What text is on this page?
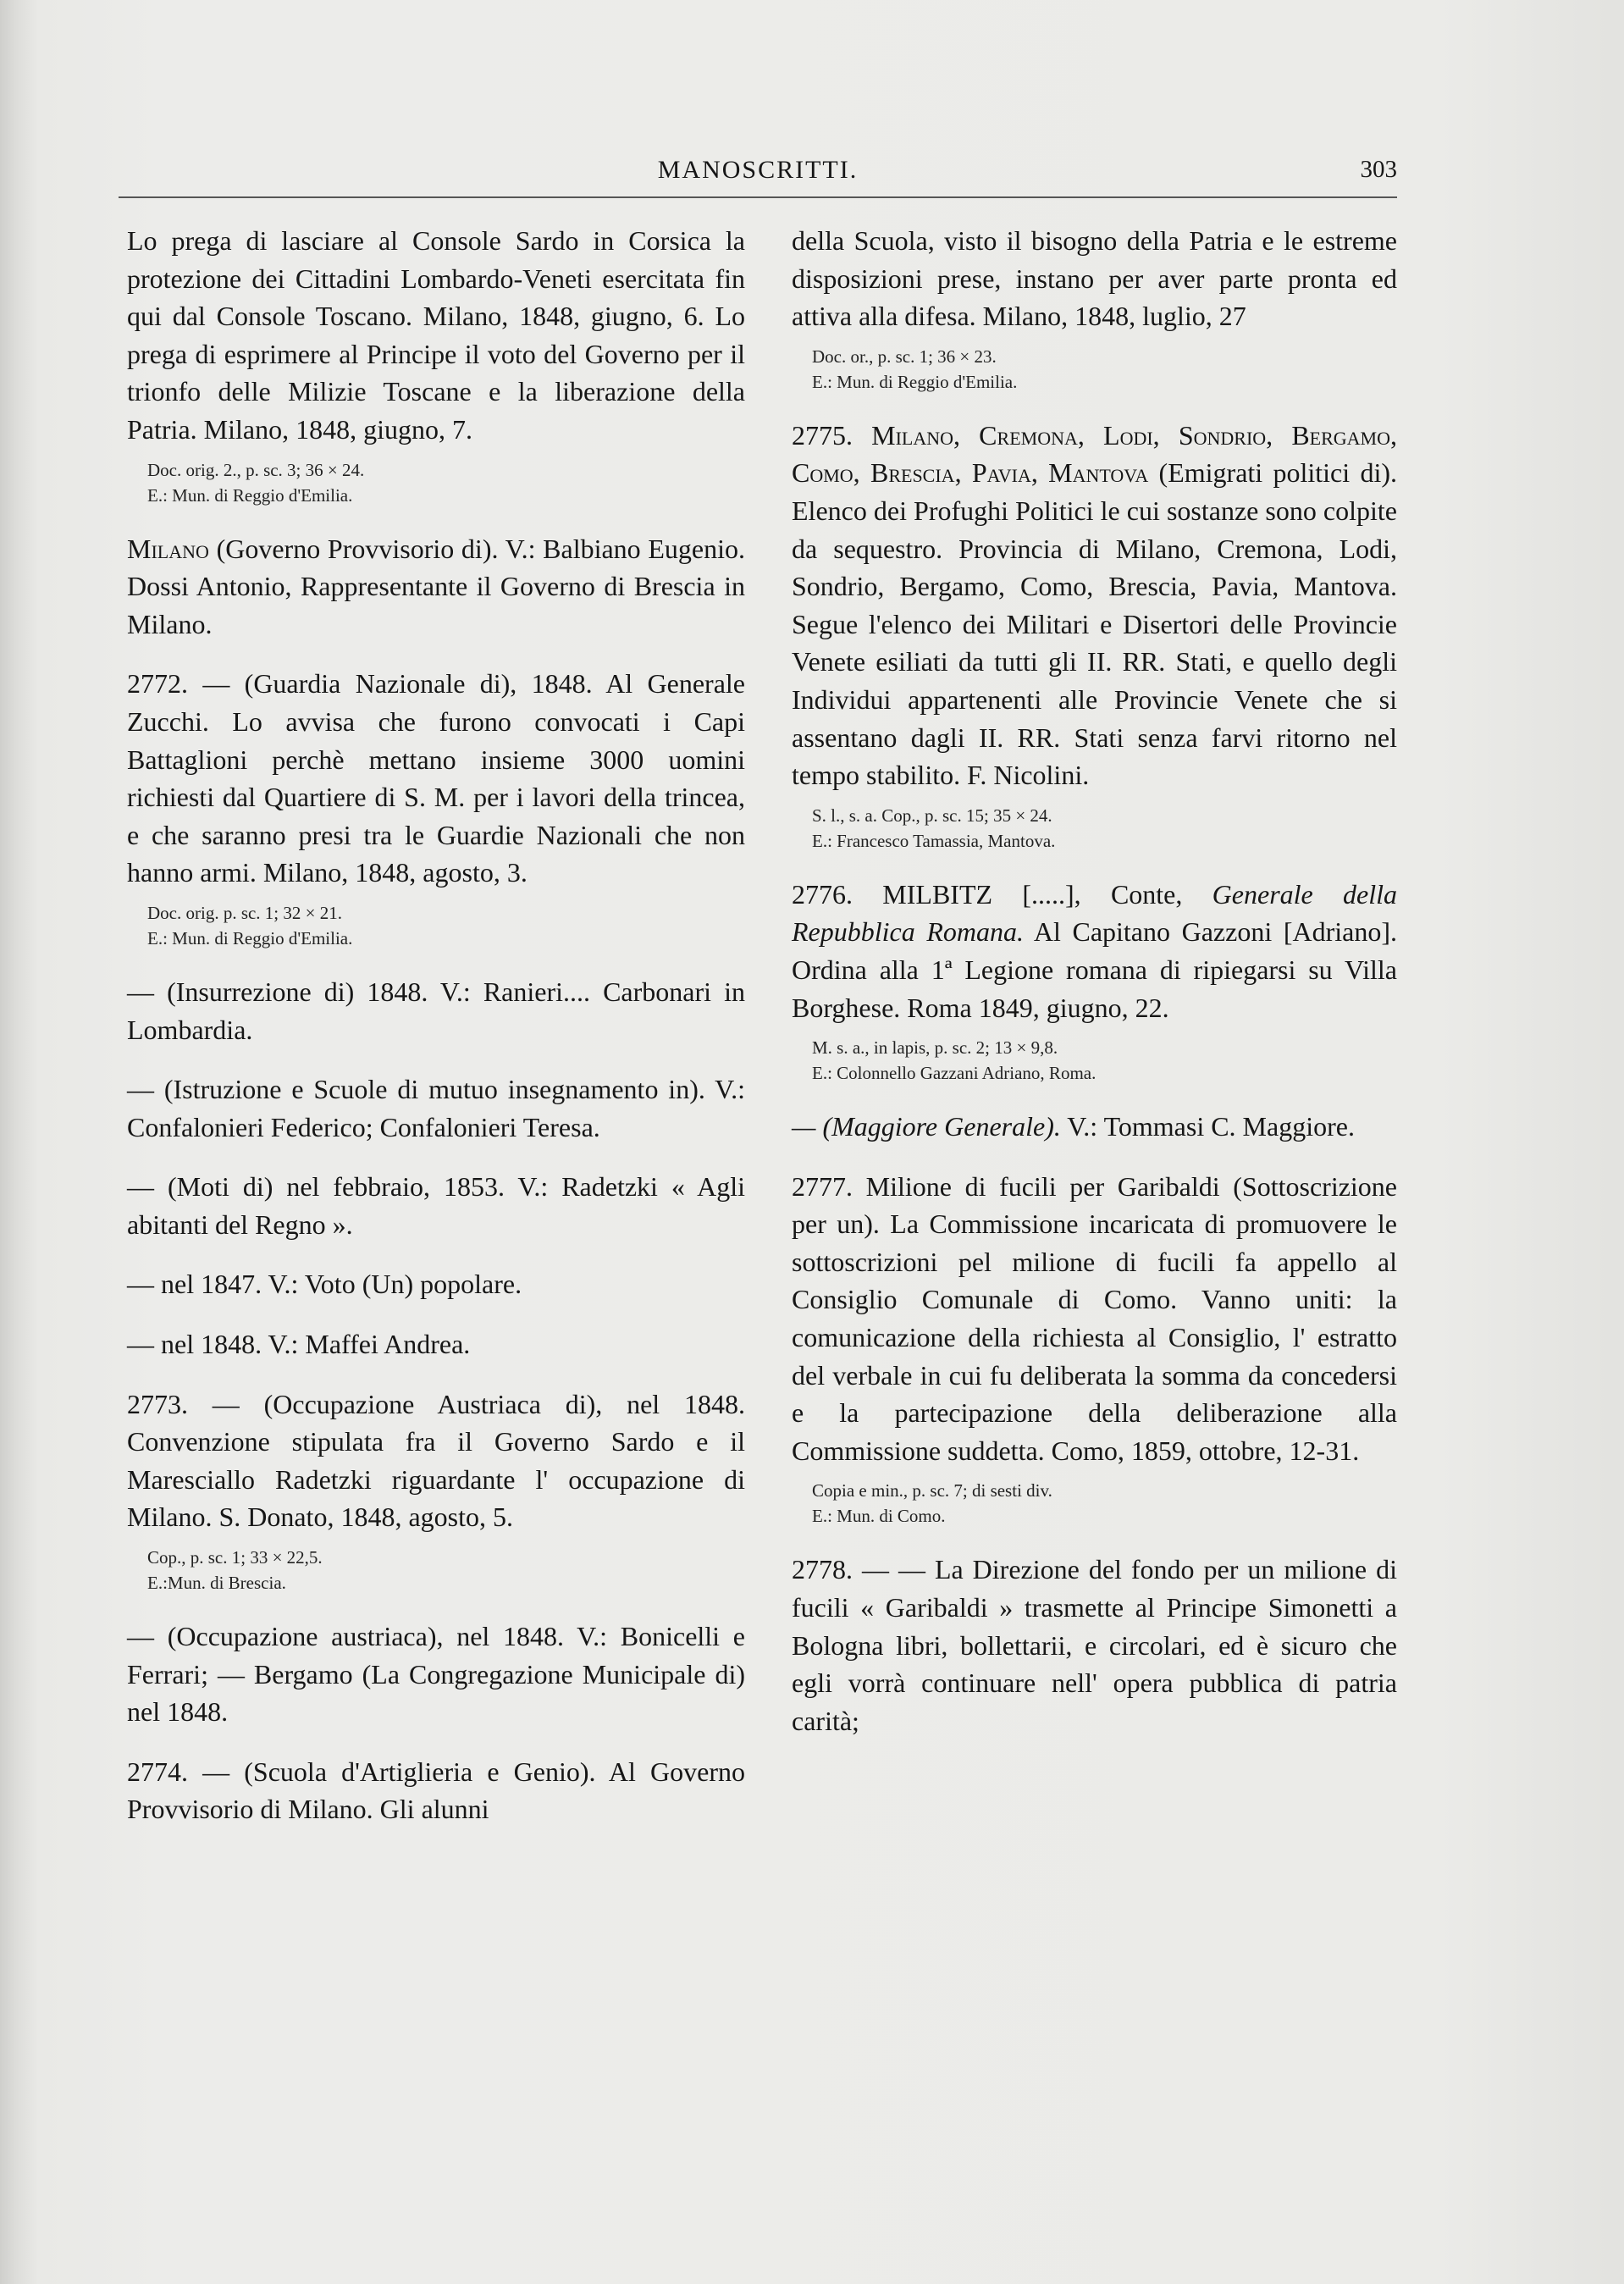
MANOSCRITTI.	303

Lo prega di lasciare al Console Sardo in Corsica la protezione dei Cittadini Lombardo-Veneti esercitata fin qui dal Console Toscano. Milano, 1848, giugno, 6. Lo prega di esprimere al Principe il voto del Governo per il trionfo delle Milizie Toscane e la liberazione della Patria. Milano, 1848, giugno, 7.

Doc. orig. 2., p. sc. 3; 36 × 24.
E.: Mun. di Reggio d'Emilia.

Milano (Governo Provvisorio di). V.: Balbiano Eugenio. Dossi Antonio, Rappresentante il Governo di Brescia in Milano.

2772. — (Guardia Nazionale di), 1848. Al Generale Zucchi. Lo avvisa che furono convocati i Capi Battaglioni perchè mettano insieme 3000 uomini richiesti dal Quartiere di S. M. per i lavori della trincea, e che saranno presi tra le Guardie Nazionali che non hanno armi. Milano, 1848, agosto, 3.

Doc. orig. p. sc. 1; 32 × 21.
E.: Mun. di Reggio d'Emilia.

— (Insurrezione di) 1848. V.: Ranieri.... Carbonari in Lombardia.

— (Istruzione e Scuole di mutuo insegnamento in). V.: Confalonieri Federico; Confalonieri Teresa.

— (Moti di) nel febbraio, 1853. V.: Radetzki « Agli abitanti del Regno ».

— nel 1847. V.: Voto (Un) popolare.

— nel 1848. V.: Maffei Andrea.

2773. — (Occupazione Austriaca di), nel 1848. Convenzione stipulata fra il Governo Sardo e il Maresciallo Radetzki riguardante l' occupazione di Milano. S. Donato, 1848, agosto, 5.

Cop., p. sc. 1; 33 × 22,5.
E.:Mun. di Brescia.

— (Occupazione austriaca), nel 1848. V.: Bonicelli e Ferrari; — Bergamo (La Congregazione Municipale di) nel 1848.

2774. — (Scuola d'Artiglieria e Genio). Al Governo Provvisorio di Milano. Gli alunni

della Scuola, visto il bisogno della Patria e le estreme disposizioni prese, instano per aver parte pronta ed attiva alla difesa. Milano, 1848, luglio, 27

Doc. or., p. sc. 1; 36 × 23.
E.: Mun. di Reggio d'Emilia.

2775. Milano, Cremona, Lodi, Sondrio, Bergamo, Como, Brescia, Pavia, Mantova (Emigrati politici di). Elenco dei Profughi Politici le cui sostanze sono colpite da sequestro. Provincia di Milano, Cremona, Lodi, Sondrio, Bergamo, Como, Brescia, Pavia, Mantova. Segue l'elenco dei Militari e Disertori delle Provincie Venete esiliati da tutti gli II. RR. Stati, e quello degli Individui appartenenti alle Provincie Venete che si assentano dagli II. RR. Stati senza farvi ritorno nel tempo stabilito. F. Nicolini.

S. l., s. a. Cop., p. sc. 15; 35 × 24.
E.: Francesco Tamassia, Mantova.

2776. MILBITZ [.....], Conte, Generale della Repubblica Romana. Al Capitano Gazzoni [Adriano]. Ordina alla 1ª Legione romana di ripiegarsi su Villa Borghese. Roma 1849, giugno, 22.

M. s. a., in lapis, p. sc. 2; 13 × 9,8.
E.: Colonnello Gazzani Adriano, Roma.

— (Maggiore Generale). V.: Tommasi C. Maggiore.

2777. Milione di fucili per Garibaldi (Sottoscrizione per un). La Commissione incaricata di promuovere le sottoscrizioni pel milione di fucili fa appello al Consiglio Comunale di Como. Vanno uniti: la comunicazione della richiesta al Consiglio, l' estratto del verbale in cui fu deliberata la somma da concedersi e la partecipazione della deliberazione alla Commissione suddetta. Como, 1859, ottobre, 12-31.

Copia e min., p. sc. 7; di sesti div.
E.: Mun. di Como.

2778. — — La Direzione del fondo per un milione di fucili « Garibaldi » trasmette al Principe Simonetti a Bologna libri, bollettarii, e circolari, ed è sicuro che egli vorrà continuare nell' opera pubblica di patria carità;
